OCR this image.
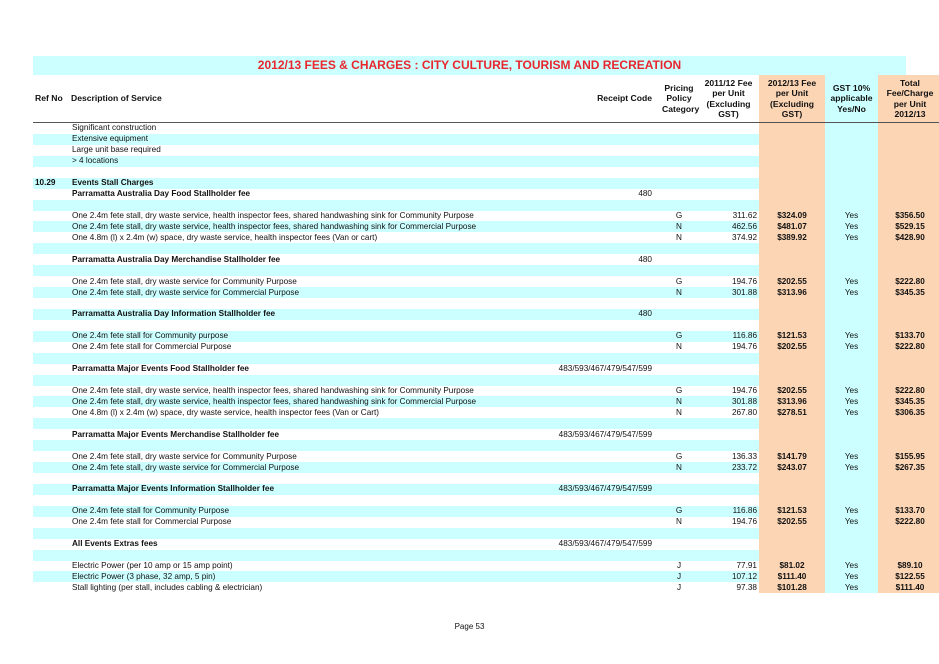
2012/13 FEES & CHARGES : CITY CULTURE, TOURISM AND RECREATION
Ref No	Description of Service	Receipt Code	Pricing Policy Category	2011/12 Fee per Unit (Excluding GST)	2012/13 Fee per Unit (Excluding GST)	GST 10% applicable Yes/No	Total Fee/Charge per Unit 2012/13
	Significant construction						
	Extensive equipment						
	Large unit base required						
	> 4 locations						

10.29	Events Stall Charges						
	Parramatta Australia Day Food Stallholder fee	480					

	One 2.4m fete stall, dry waste service, health inspector fees, shared handwashing sink for Community Purpose		G	311.62	$324.09	Yes	$356.50
	One 2.4m fete stall, dry waste service, health inspector fees, shared handwashing sink for Commercial Purpose		N	462.56	$481.07	Yes	$529.15
	One 4.8m (l) x 2.4m (w) space, dry waste service, health inspector fees (Van or cart)		N	374.92	$389.92	Yes	$428.90

	Parramatta Australia Day Merchandise Stallholder fee	480					

	One 2.4m fete stall, dry waste service for Community Purpose		G	194.76	$202.55	Yes	$222.80
	One 2.4m fete stall, dry waste service for Commercial Purpose		N	301.88	$313.96	Yes	$345.35

	Parramatta Australia Day Information Stallholder fee	480					

	One 2.4m fete stall for Community purpose		G	116.86	$121.53	Yes	$133.70
	One 2.4m fete stall for Commercial Purpose		N	194.76	$202.55	Yes	$222.80

	Parramatta Major Events Food Stallholder fee	483/593/467/479/547/599					

	One 2.4m fete stall, dry waste service, health inspector fees, shared handwashing sink for Community Purpose		G	194.76	$202.55	Yes	$222.80
	One 2.4m fete stall, dry waste service, health inspector fees, shared handwashing sink for Commercial Purpose		N	301.88	$313.96	Yes	$345.35
	One 4.8m (l) x 2.4m (w) space, dry waste service, health inspector fees (Van or Cart)		N	267.80	$278.51	Yes	$306.35

	Parramatta Major Events Merchandise Stallholder fee	483/593/467/479/547/599					

	One 2.4m fete stall, dry waste service for Community Purpose		G	136.33	$141.79	Yes	$155.95
	One 2.4m fete stall, dry waste service for Commercial Purpose		N	233.72	$243.07	Yes	$267.35

	Parramatta Major Events Information Stallholder fee	483/593/467/479/547/599					

	One 2.4m fete stall for Community Purpose		G	116.86	$121.53	Yes	$133.70
	One 2.4m fete stall for Commercial Purpose		N	194.76	$202.55	Yes	$222.80

	All Events Extras fees	483/593/467/479/547/599					

	Electric Power (per 10 amp or 15 amp point)		J	77.91	$81.02	Yes	$89.10
	Electric Power (3 phase, 32 amp, 5 pin)		J	107.12	$111.40	Yes	$122.55
	Stall lighting (per stall, includes cabling & electrician)		J	97.38	$101.28	Yes	$111.40
Page 53
